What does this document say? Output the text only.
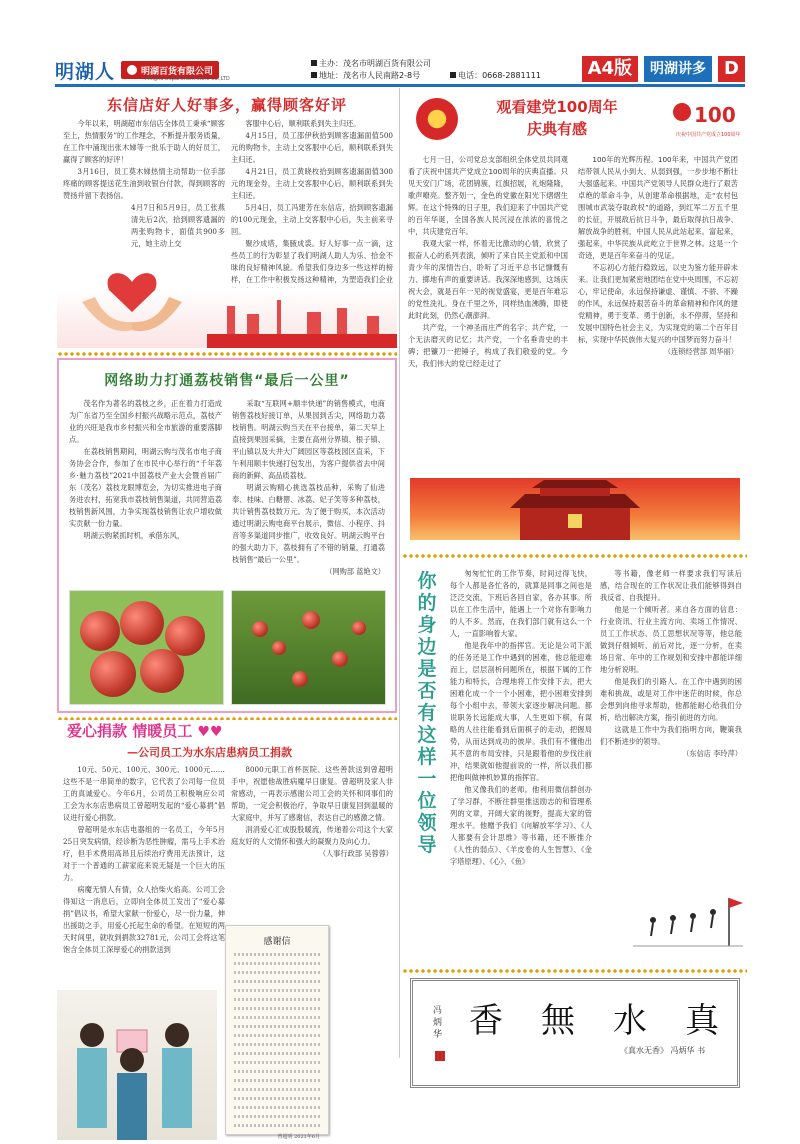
明湖人	明湖百货有限公司
Minghu Department store Co.,LTD
主办：茂名市明湖百货有限公司
地址：茂名市人民南路2-8号	电话：0668-2881111	A4版	明湖讲多	D
东信店好人好事多，赢得顾客好评

今年以来，明湖超市东信店全体员工秉承“顾客至上，热情服务”的工作理念，不断提升服务质量，在工作中涌现出张木娣等一批乐于助人的好员工，赢得了顾客的好评！

3月16日，员工莫木娣热情主动帮助一位手部疼痛的顾客提送花生油到收银台付款，得到顾客的赞扬并留下表扬信。

4月7日和5月9日，员工张燕清先后2次，拾到顾客遗漏的两张购物卡，面值共900多元，她主动上交

客服中心后，顺利联系到失主归还。

4月15日，员工邵伊秋拾到顾客遗漏面值500元的购物卡，主动上交客服中心后，顺利联系到失主归还。

4月21日，员工黄晓枚拾到顾客遗漏面值300元的现金券，主动上交客服中心后，顺利联系到失主归还。

5月4日，员工冯建芳在东信店，拾到顾客遗漏的100元现金，主动上交客服中心后，失主前来寻回。

聚沙成塔，集腋成裘。好人好事一点一滴，这些员工的行为彰显了我们明湖人助人为乐、拾金不昧的良好精神风貌。希望我们身边多一些这样的榜样，在工作中积极发扬这种精神，为塑造我们企业

网络助力打通荔枝销售“最后一公里”

茂名作为著名的荔枝之乡，正在着力打造成为广东省乃至全国乡村振兴战略示范点，荔枝产业的兴旺是我市乡村振兴和全市旅游的重要落脚点。

在荔枝销售期间，明湖云购与茂名市电子商务协会合作，参加了在市民中心举行的“千年荔乡·魅力荔枝”2021中国荔枝产业大会暨首届广东（茂名）荔枝龙眼博览会，为切实推进电子商务进农村，拓宽我市荔枝销售渠道，共同营造荔枝销售新风围，力争实现荔枝销售让农户增收做实贡献一份力量。

明湖云购紧抓时机，承借东风，

采取“互联网+顺丰快递”的销售模式，电商销售荔枝好接订单，从果园到舌尖，网络助力荔枝销售。明湖云购当天在平台接单，第二天早上直接到果园采摘，主要在高州分界镇、根子镇、平山镇以及大井大广阔园区等荔枝园区直采，下午利用顺丰快递打包发出，为客户提供省去中间商的新鲜、高品质荔枝。

明湖云购精心挑选荔枝品种，采购了仙进奉、桂味、白糖罂、冰荔、妃子笑等多种荔枝，共计销售荔枝数万元。为了便于购买，本次活动通过明湖云购电商平台展示，微信、小程序、抖音等多渠道同步推广，收效良好。明湖云购平台的强大助力下，荔枝拥有了不错的销量，打通荔枝销售“最后一公里”。

（网购部 蓝艳文）
爱心捐款 情暖员工 ♥♥
—公司员工为水东店患病员工捐款

10元、50元、100元、300元、1000元……这些不是一串简单的数字，它代表了公司每一位员工的真诚爱心。今年6月，公司员工积极响应公司工会为水东店患病员工曾超明发起的“爱心募捐”倡议进行爱心捐款。

曾超明是水东店电器组的一名员工，今年5月25日突发病情，经诊断为恶性肿瘤，需马上手术治疗，但手术费用高昂且后续治疗费用无法预计，这对于一个普通的工薪家庭来说无疑是一个巨大的压力。

病魔无情人有情，众人拾柴火焰高。公司工会得知这一消息后，立即向全体员工发出了“爱心募捐”倡议书，希望大家献一份爱心，尽一份力量，伸出援助之手，用爱心托起生命的希望。在短短的两天时间里，就收到捐款32781元，公司工会将这笔饱含全体员工深厚爱心的捐款送到

8000元职工首杯医院、这些善款送到曾超明手中，祝愿他战胜病魔早日康复。曾超明及家人非常感动，一再表示感谢公司工会的关怀和同事们的帮助，一定会积极治疗，争取早日康复回到温暖的大家庭中，并写了感谢信，表达自己的感激之情。

涓涓爱心汇成股股暖流，传递着公司这个大家庭友好的人文情怀和强大的凝聚力及向心力。

（人事行政部 吴蓉蓉）
感谢信
曾超明 2021年6月
观看建党100周年
庆典有感
100
庆祝中国共产党成立100周年

七月一日，公司党总支部组织全体党员共同观看了庆祝中国共产党成立100周年的庆典直播。只见天安门广场，花团锦簇，红旗招展，礼炮隆隆，歌声嘹亮。整齐划一，金色的党徽在阳光下熠熠生辉。在这个特殊的日子里，我们迎来了中国共产党的百年华诞，全国各族人民沉浸在浓浓的喜悦之中，共庆建党百年。

我观大家一样，怀着无比激动的心情，欣赏了振奋人心的系列表演，倾听了来自民主党派和中国青少年的深情告白，聆听了习近平总书记慷慨有力、掷地有声的重要讲话。我深深地感到，这场庆祝大会，就是百年一见的视觉盛宴，更是百年难忘的党性洗礼。身在千里之外，同样热血沸腾，即使此时此刻，仍然心潮澎湃。

共产党，一个神圣而庄严的名字；共产党，一个无法磨灭的记忆；共产党，一个名垂青史的丰碑；把镰刀一把锤子，构成了我们敬爱的党。今天，我们伟大的党已经走过了

100年的光辉历程。100年来，中国共产党团结带领人民从小到大、从弱到强，一步步地不断壮大强盛起来。中国共产党领导人民群众进行了艰苦卓绝的革命斗争，从创建革命根据地，走“农村包围城市武装夺取政权”的道路，到红军二万五千里的长征，开展敌后抗日斗争，最后取得抗日战争、解放战争的胜利，中国人民从此站起来。富起来，强起来，中华民族从此屹立于世界之林。这是一个奇迹，更是百年来奋斗的见证。

不忘初心方能行稳致远，以史为鉴方能开辟未来。让我们更加紧密地团结在党中央周围，不忘初心，牢记使命，永远保持谦虚、谨慎、不骄、不躁的作风，永远保持艰苦奋斗的革命精神和作风的建党精神，勇于变革、勇于创新，永不停滞，坚持和发展中国特色社会主义，为实现党的第二个百年目标，实现中华民族伟大复兴的中国梦而努力奋斗！

（连锁经营部 周华丽）
你
的
身
边
是
否
有
这
样
一
位
领
导

匆匆忙忙的工作节奏，时间过得飞快，每个人都是各忙各的，就算是同事之间也是泛泛交流，下班后各回自家，各办其事。所以在工作生活中，能遇上一个对你有影响力的人不多。然而，在我们部门就有这么一个人，一直影响着大家。

他是我年中的指挥官。无论是公司下派的任务还是工作中遇到的困难，他总能迎难而上，层层剖析问题所在，根据下属的工作能力和特长，合理地将工作安排下去，把大困难化成一个一个小困难，把小困难安排到每个小组中去，带领大家逐步解决问题。都说职务长远能成大事，人生更如下棋，有谋略的人往往能看到后面棋子的走动，把握局势，从而达到成功的彼岸。我们有不懂他出其不意的布局安排，只是跟着他的步伐往前冲，结果就如他提前说的一样，所以我们都把他叫做神机妙算的指挥官。

他又像我们的老师。他利用微信群创办了学习群，不断往群里推送励志的和管理系列的文章，开阔大家的视野，提高大家的管理水平。他赠予我们《向解放军学习》、《人人都要有会计思维》等书籍，还不断推介《人性的弱点》、《羊皮卷的人生智慧》、《金字塔原理》、《心》、《鱼》

等书籍，像老师一样要求我们写读后感，结合现在的工作状况让我们能够得到自我反省、自我提升。

他是一个倾听者。来自各方面的信息：行业资讯、行业主流方向、卖场工作情况、员工工作状态、员工思想状况等等，他总能做到仔细倾听、前后对比，逐一分析，在卖场日常、年中的工作规划和安排中都能详细地分析说明。

他是我们的引路人。在工作中遇到的困难和挑战，或是对工作中迷茫的时候，你总会想到向他寻求帮助，他都能耐心给我们分析，给出解决方案，指引前进的方向。

这就是工作中为我们指明方向，鞭策我们不断进步的领导。

（东信店 李玲萍）
冯炳华 香 無 水 真
《真水无香》 冯炳华 书
